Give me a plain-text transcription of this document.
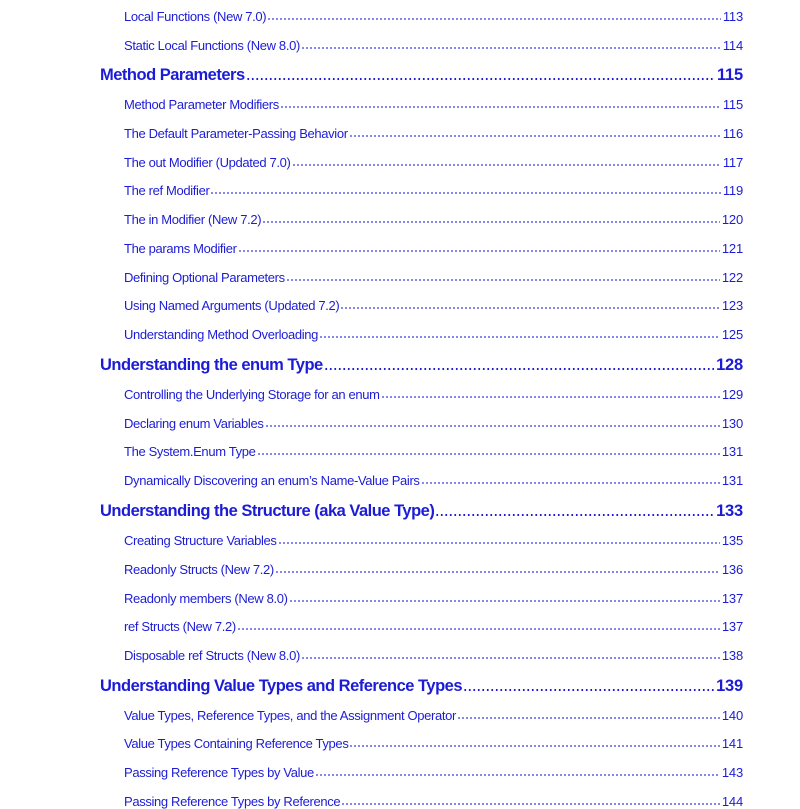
Local Functions (New 7.0)	113
Static Local Functions (New 8.0)	114
Method Parameters	115
Method Parameter Modifiers	115
The Default Parameter-Passing Behavior	116
The out Modifier (Updated 7.0)	117
The ref Modifier	119
The in Modifier (New 7.2)	120
The params Modifier	121
Defining Optional Parameters	122
Using Named Arguments (Updated 7.2)	123
Understanding Method Overloading	125
Understanding the enum Type	128
Controlling the Underlying Storage for an enum	129
Declaring enum Variables	130
The System.Enum Type	131
Dynamically Discovering an enum’s Name-Value Pairs	131
Understanding the Structure (aka Value Type)	133
Creating Structure Variables	135
Readonly Structs (New 7.2)	136
Readonly members (New 8.0)	137
ref Structs (New 7.2)	137
Disposable ref Structs (New 8.0)	138
Understanding Value Types and Reference Types	139
Value Types, Reference Types, and the Assignment Operator	140
Value Types Containing Reference Types	141
Passing Reference Types by Value	143
Passing Reference Types by Reference	144
